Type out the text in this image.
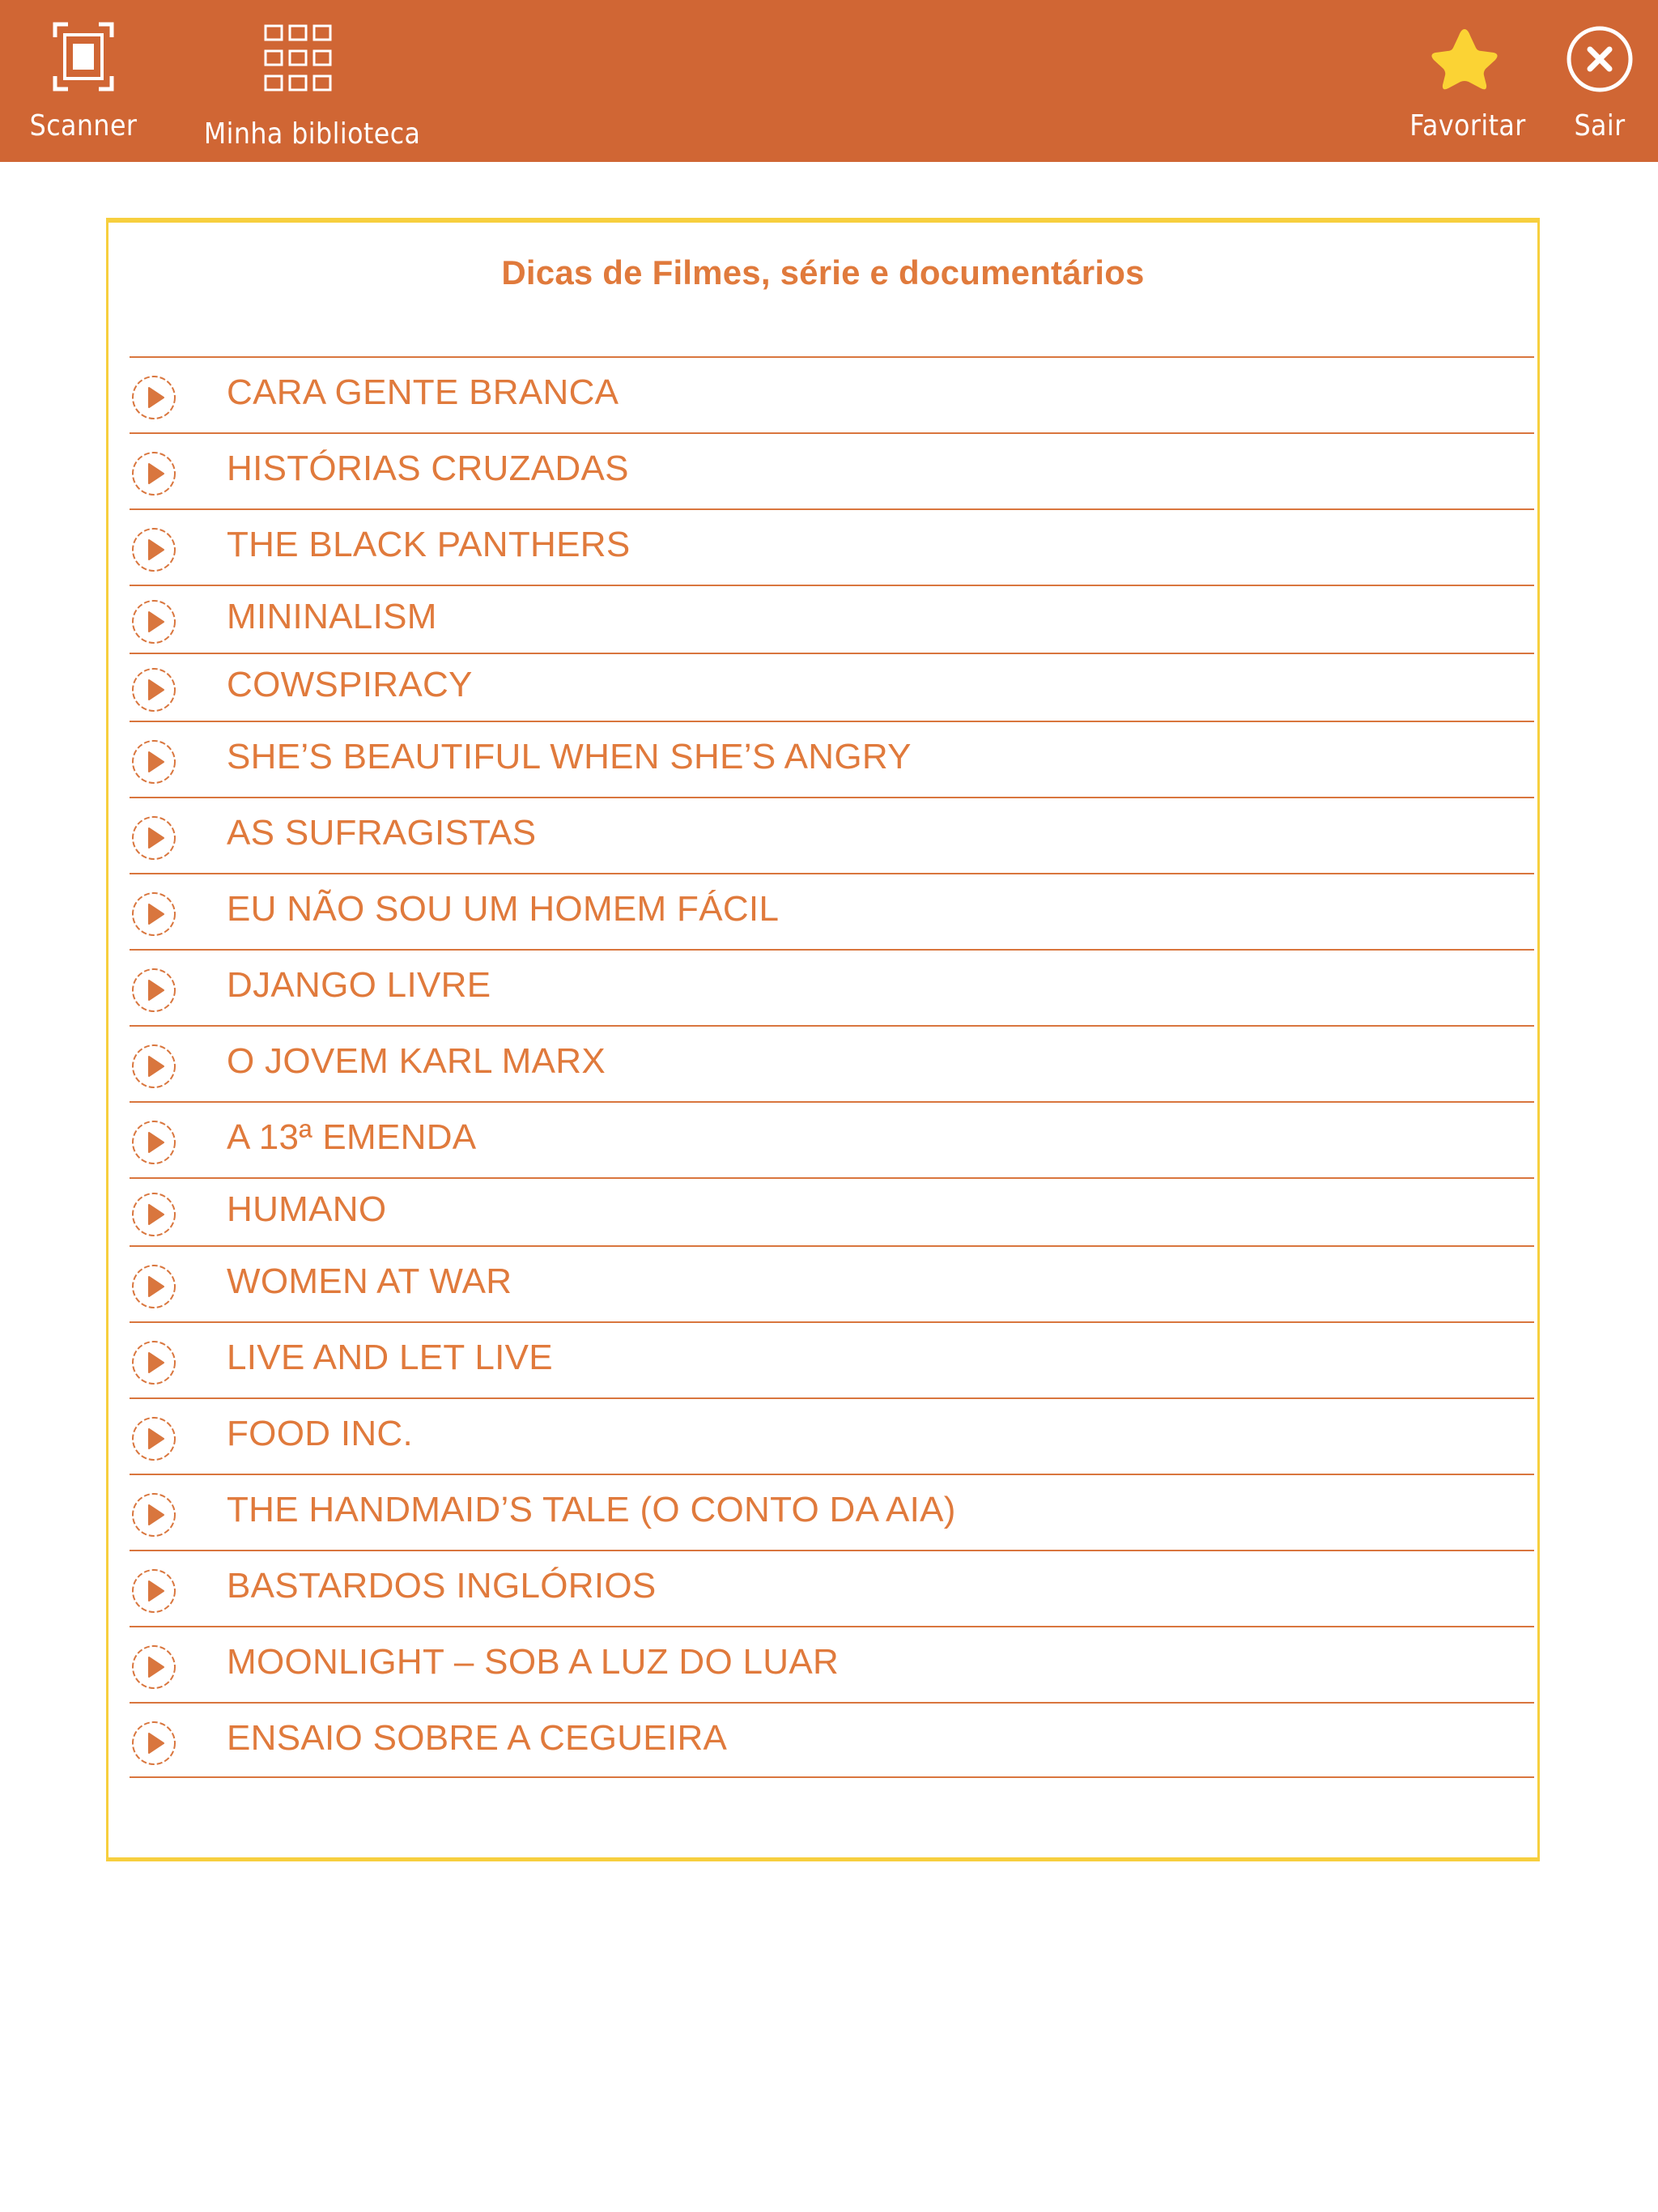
Scanner	Minha biblioteca	Favoritar	Sair
Dicas de Filmes, série e documentários
CARA GENTE BRANCA
HISTÓRIAS CRUZADAS
THE BLACK PANTHERS
MININALISM
COWSPIRACY
SHE’S BEAUTIFUL WHEN SHE’S ANGRY
AS SUFRAGISTAS
EU NÃO SOU UM HOMEM FÁCIL
DJANGO LIVRE
O JOVEM KARL MARX
A 13ª EMENDA
HUMANO
WOMEN AT WAR
LIVE AND LET LIVE
FOOD INC.
THE HANDMAID’S TALE (O CONTO DA AIA)
BASTARDOS INGLÓRIOS
MOONLIGHT – SOB A LUZ DO LUAR
ENSAIO SOBRE A CEGUEIRA
